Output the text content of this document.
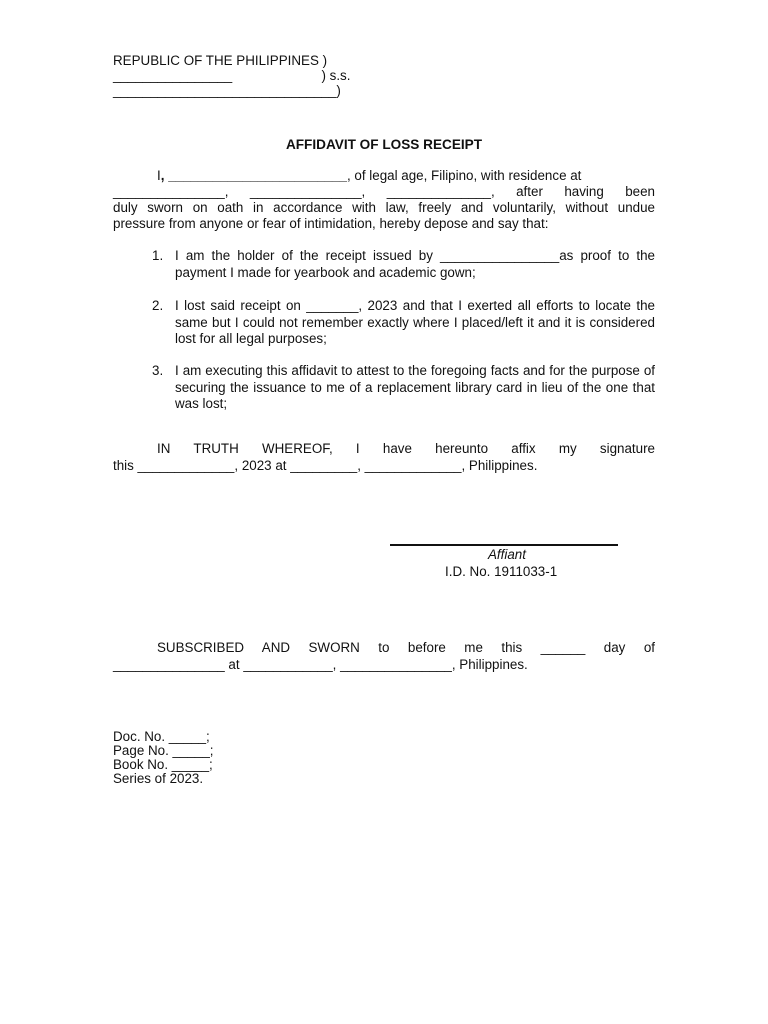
REPUBLIC OF THE PHILIPPINES )
________________                        ) s.s.
______________________________)
AFFIDAVIT OF LOSS RECEIPT
I, ________________________, of legal age, Filipino, with residence at
_______________, _______________, ______________, after having been
duly sworn on oath in accordance with law, freely and voluntarily, without undue
pressure from anyone or fear of intimidation, hereby depose and say that:
1. I am the holder of the receipt issued by ________________as proof to the payment I made for yearbook and academic gown;
2. I lost said receipt on _______, 2023 and that I exerted all efforts to locate the same but I could not remember exactly where I placed/left it and it is considered lost for all legal purposes;
3. I am executing this affidavit to attest to the foregoing facts and for the purpose of securing the issuance to me of a replacement library card in lieu of the one that was lost;
IN TRUTH WHEREOF, I have hereunto affix my signature
this _____________, 2023 at _________, _____________, Philippines.
Affiant
I.D. No. 1911033-1
SUBSCRIBED AND SWORN to before me this ______ day of
_______________ at ____________, _______________, Philippines.
Doc. No. _____;
Page No. _____;
Book No. _____;
Series of 2023.
